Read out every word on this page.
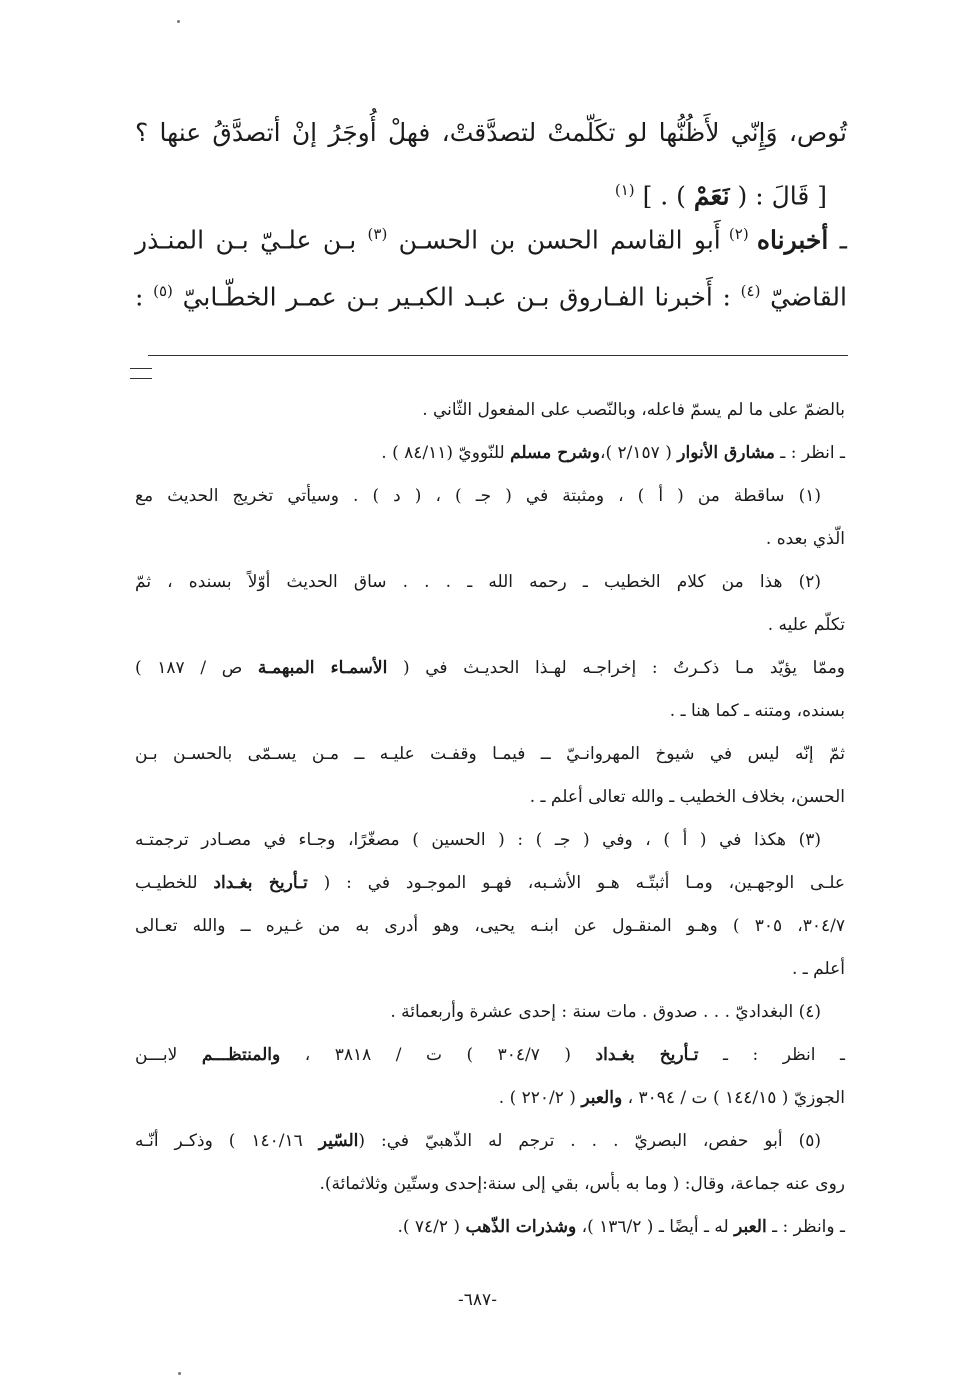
تُوص، وَإِنّي لأَظُنُّها لو تكَلّمتْ لتصدَّقتْ، فهلْ أُوجَرُ إنْ أتصدَّقُ عنها ؟
[ قَالَ : ( نَعَمْ ) . ] $^{(١)}$
ـ أخبرناه $^{(٢)}$ أَبو القاسم الحسن بن الحسـن $^{(٣)}$ بـن علـيّ بـن المنـذر
القاضيّ $^{(٤)}$ : أَخبرنا الفـاروق بـن عبـد الكبـير بـن عمـر الخطّـابيّ $^{(٥)}$ :
بالضمّ على ما لم يسمّ فاعله، وبالنّصب على المفعول الثّاني .
ـ انظر : ـ مشارق الأنوار ( ٢/١٥٧ )،وشرح مسلم للنّوويّ (٨٤/١١ ) .
(١) ساقطة من ( أ ) ، ومثبتة في ( جـ ) ، ( د ) . وسيأتي تخريج الحديث مع
الّذي بعده .
(٢) هذا من كلام الخطيب ـ رحمه الله ـ . . . ساق الحديث أوّلاً بسنده ، ثمّ
تكلّم عليه .
وممّا يؤيّد مـا ذكـرتُ : إخراجـه لهـذا الحديـث في ( الأسمـاء المبهمـة ص / ١٨٧ )
بسنده، ومتنه ـ كما هنا ـ .
ثمّ إنّه ليس في شيوخ المهروانـيّ ــ فيمـا وقفـت عليـه ــ مـن يسـمّى بالحسـن بـن
الحسن، بخلاف الخطيب ـ والله تعالى أعلم ـ .
(٣) هكذا في ( أ ) ، وفي ( جـ ) : ( الحسين ) مصغّرًا، وجـاء في مصـادر ترجمتـه
علـى الوجهـين، ومـا أثبتّـه هـو الأشـبه، فهـو الموجـود في : ( تـأريخ بغـداد للخطيـب
٣٠٤/٧، ٣٠٥ ) وهـو المنقـول عن ابنـه يحيى، وهو أدرى به من غـيره ــ والله تعـالى
أعلم ـ .
(٤) البغداديّ . . . صدوق . مات سنة : إحدى عشرة وأربعمائة .
ـ انظر : ـ تـأريخ بغـداد ( ٣٠٤/٧ ) ت / ٣٨١٨ ، والمنتظـــم لابـــن
الجوزيّ ( ١٤٤/١٥ ) ت / ٣٠٩٤ ، والعبر ( ٢٢٠/٢ ) .
(٥) أبو حفص، البصريّ . . . ترجم له الذّهبيّ في: (السّير ١٤٠/١٦ ) وذكـر أنّـه
روى عنه جماعة، وقال: ( وما به بأس، بقي إلى سنة:إحدى وستّين وثلاثمائة).
ـ وانظر : ـ العبر له ـ أيضًا ـ ( ١٣٦/٢ )، وشذرات الذّهب ( ٧٤/٢ ).
-٦٨٧-
